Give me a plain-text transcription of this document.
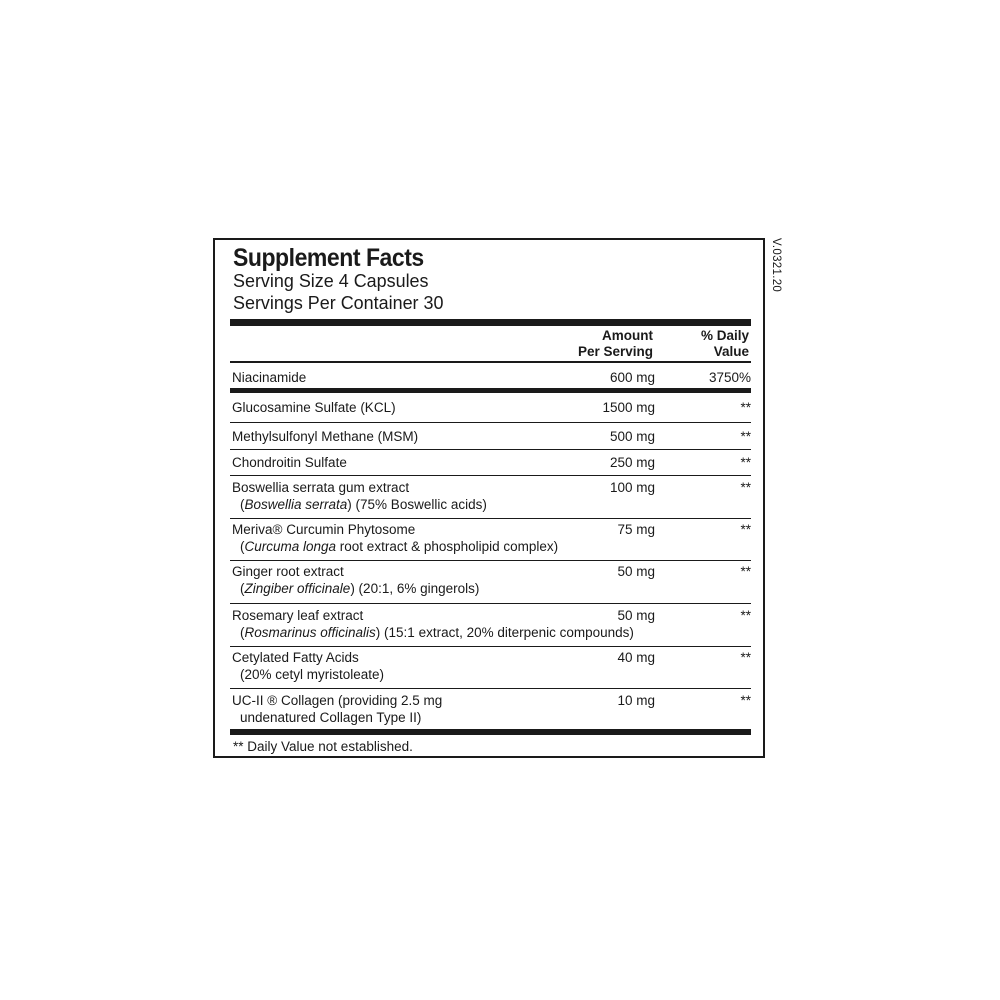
Supplement Facts
Serving Size 4 Capsules
Servings Per Container 30
Amount
Per Serving
% Daily
Value
Niacinamide	600 mg	3750%
Glucosamine Sulfate (KCL)	1500 mg	**
Methylsulfonyl Methane (MSM)	500 mg	**
Chondroitin Sulfate	250 mg	**
Boswellia serrata gum extract
(Boswellia serrata) (75% Boswellic acids)
100 mg	**
Meriva® Curcumin Phytosome
(Curcuma longa root extract & phospholipid complex)
75 mg	**
Ginger root extract
(Zingiber officinale) (20:1, 6% gingerols)
50 mg	**
Rosemary leaf extract
(Rosmarinus officinalis) (15:1 extract, 20% diterpenic compounds)
50 mg	**
Cetylated Fatty Acids
(20% cetyl myristoleate)
40 mg	**
UC-II ® Collagen (providing 2.5 mg
undenatured Collagen Type II)
10 mg	**
** Daily Value not established.
V.0321.20
